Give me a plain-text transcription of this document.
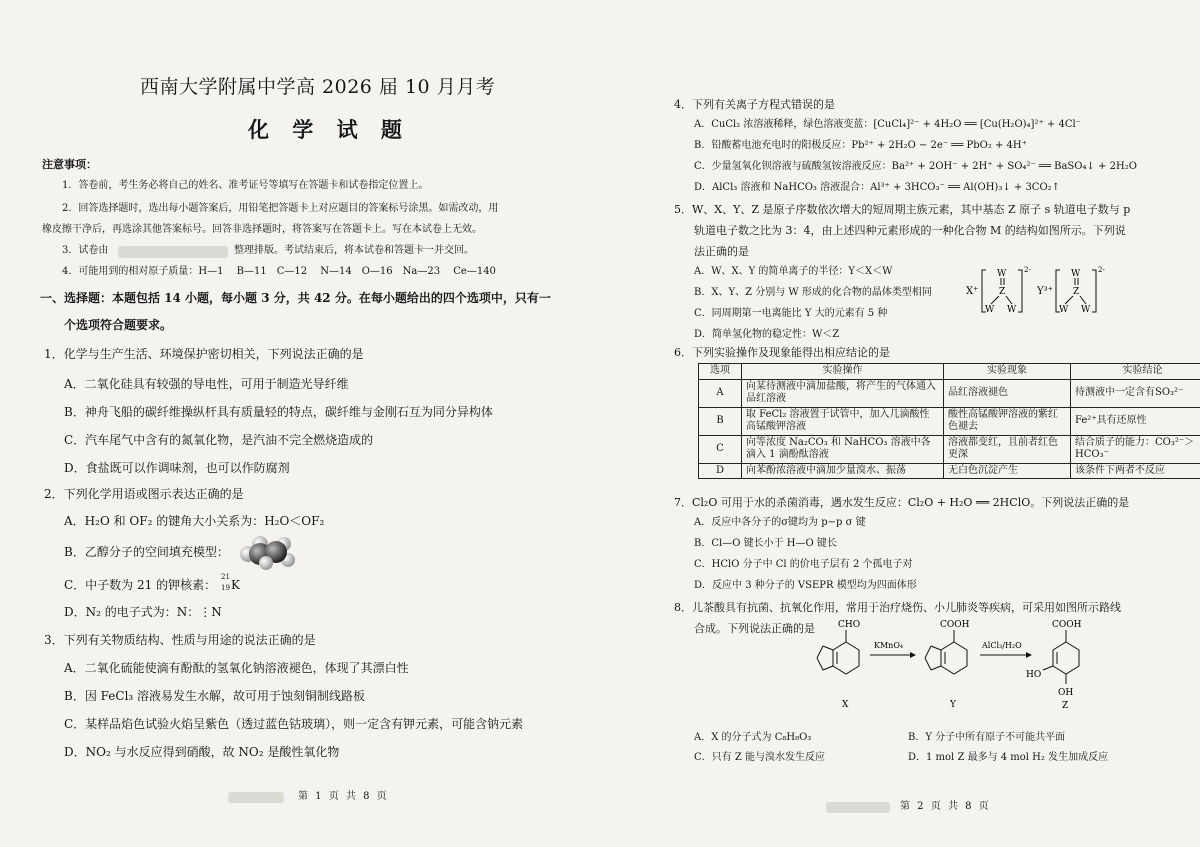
西南大学附属中学高 2026 届 10 月月考
化 学 试 题
注意事项：
1．答卷前，考生务必将自己的姓名、准考证号等填写在答题卡和试卷指定位置上。
2．回答选择题时，选出每小题答案后，用铅笔把答题卡上对应题目的答案标号涂黑。如需改动，用
橡皮擦干净后，再选涂其他答案标号。回答非选择题时，将答案写在答题卡上。写在本试卷上无效。
3．试卷由	整理排版。考试结束后，将本试卷和答题卡一并交回。
4．可能用到的相对原子质量：H—1　 B—11　C—12　 N—14　O—16　Na—23　 Ce—140
一、选择题：本题包括 14 小题，每小题 3 分，共 42 分。在每小题给出的四个选项中，只有一
个选项符合题要求。
1．化学与生产生活、环境保护密切相关，下列说法正确的是
A．二氧化硅具有较强的导电性，可用于制造光导纤维
B．神舟飞船的碳纤维操纵杆具有质量轻的特点，碳纤维与金刚石互为同分异构体
C．汽车尾气中含有的氮氧化物，是汽油不完全燃烧造成的
D．食盐既可以作调味剂，也可以作防腐剂
2．下列化学用语或图示表达正确的是
A．H₂O 和 OF₂ 的键角大小关系为：H₂O＜OF₂
B．乙醇分子的空间填充模型：
C．中子数为 21 的钾核素：
21
19 K
D．N₂ 的电子式为：N：⋮N
3．下列有关物质结构、性质与用途的说法正确的是
A．二氧化硫能使滴有酚酞的氢氧化钠溶液褪色，体现了其漂白性
B．因 FeCl₃ 溶液易发生水解，故可用于蚀刻铜制线路板
C．某样品焰色试验火焰呈紫色（透过蓝色钴玻璃），则一定含有钾元素，可能含钠元素
D．NO₂ 与水反应得到硝酸，故 NO₂ 是酸性氧化物
第 1 页 共 8 页
4．下列有关离子方程式错误的是
A．CuCl₂ 浓溶液稀释，绿色溶液变蓝：[CuCl₄]²⁻ + 4H₂O ══ [Cu(H₂O)₄]²⁺ + 4Cl⁻
B．铅酸蓄电池充电时的阳极反应：Pb²⁺ + 2H₂O − 2e⁻ ══ PbO₂ + 4H⁺
C．少量氢氧化钡溶液与硫酸氢铵溶液反应：Ba²⁺ + 2OH⁻ + 2H⁺ + SO₄²⁻ ══ BaSO₄↓ + 2H₂O
D．AlCl₃ 溶液和 NaHCO₃ 溶液混合：Al³⁺ + 3HCO₃⁻ ══ Al(OH)₃↓ + 3CO₂↑
5．W、X、Y、Z 是原子序数依次增大的短周期主族元素，其中基态 Z 原子 s 轨道电子数与 p
轨道电子数之比为 3：4，由上述四种元素形成的一种化合物 M 的结构如图所示。下列说
法正确的是
A．W、X、Y 的简单离子的半径：Y＜X＜W
B．X、Y、Z 分别与 W 形成的化合物的晶体类型相同
C．同周期第一电离能比 Y 大的元素有 5 种
D．简单氢化物的稳定性：W＜Z
X⁺
W
Z
W W
2-
Y³⁺
W
Z
W W
2-
6．下列实验操作及现象能得出相应结论的是
选项	实验操作	实验现象	实验结论
A	向某待测液中滴加盐酸，将产生的气体通入品红溶液	品红溶液褪色	待测液中一定含有SO₃²⁻
B	取 FeCl₂ 溶液置于试管中，加入几滴酸性高锰酸钾溶液	酸性高锰酸钾溶液的紫红色褪去	Fe²⁺具有还原性
C	向等浓度 Na₂CO₃ 和 NaHCO₃ 溶液中各滴入 1 滴酚酞溶液	溶液都变红，且前者红色更深	结合质子的能力：CO₃²⁻＞HCO₃⁻
D	向苯酚浓溶液中滴加少量溴水、振荡	无白色沉淀产生	该条件下两者不反应
7．Cl₂O 可用于水的杀菌消毒，遇水发生反应：Cl₂O + H₂O ══ 2HClO。下列说法正确的是
A．反应中各分子的σ键均为 p−p σ 键
B．Cl—O 键长小于 H—O 键长
C．HClO 分子中 Cl 的价电子层有 2 个孤电子对
D．反应中 3 种分子的 VSEPR 模型均为四面体形
8．儿茶酸具有抗菌、抗氧化作用，常用于治疗烧伤、小儿肺炎等疾病，可采用如图所示路线
合成。下列说法正确的是	CHO
X
KMnO₄
COOH
Y
AlCl₃/H₂O
COOH
HO
OH
Z
A．X 的分子式为 C₈H₈O₃	B．Y 分子中所有原子不可能共平面
C．只有 Z 能与溴水发生反应	D．1 mol Z 最多与 4 mol H₂ 发生加成反应
第 2 页 共 8 页
